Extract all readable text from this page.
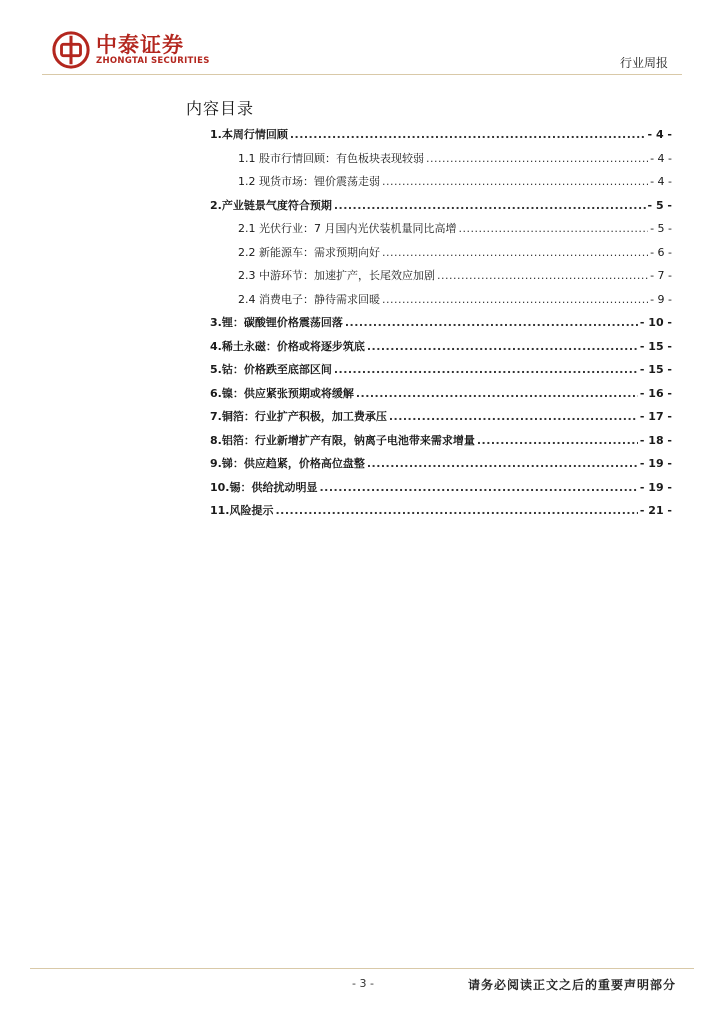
中泰证券
ZHONGTAI SECURITIES	行业周报
内容目录
1.本周行情回顾 .....	- 4 -
1.1 股市行情回顾：有色板块表现较弱 .....	- 4 -
1.2 现货市场：锂价震荡走弱 .....	- 4 -
2.产业链景气度符合预期 .....	- 5 -
2.1 光伏行业：7 月国内光伏装机量同比高增 .....	- 5 -
2.2 新能源车：需求预期向好 .....	- 6 -
2.3 中游环节：加速扩产，长尾效应加剧 .....	- 7 -
2.4 消费电子：静待需求回暖 .....	- 9 -
3.锂：碳酸锂价格震荡回落 .....	- 10 -
4.稀土永磁：价格或将逐步筑底 .....	- 15 -
5.钴：价格跌至底部区间 .....	- 15 -
6.镍：供应紧张预期或将缓解 .....	- 16 -
7.铜箔：行业扩产积极，加工费承压 .....	- 17 -
8.铝箔：行业新增扩产有限，钠离子电池带来需求增量 .....	- 18 -
9.锑：供应趋紧，价格高位盘整 .....	- 19 -
10.锡：供给扰动明显 .....	- 19 -
11.风险提示 .....	- 21 -
- 3 -	请务必阅读正文之后的重要声明部分
